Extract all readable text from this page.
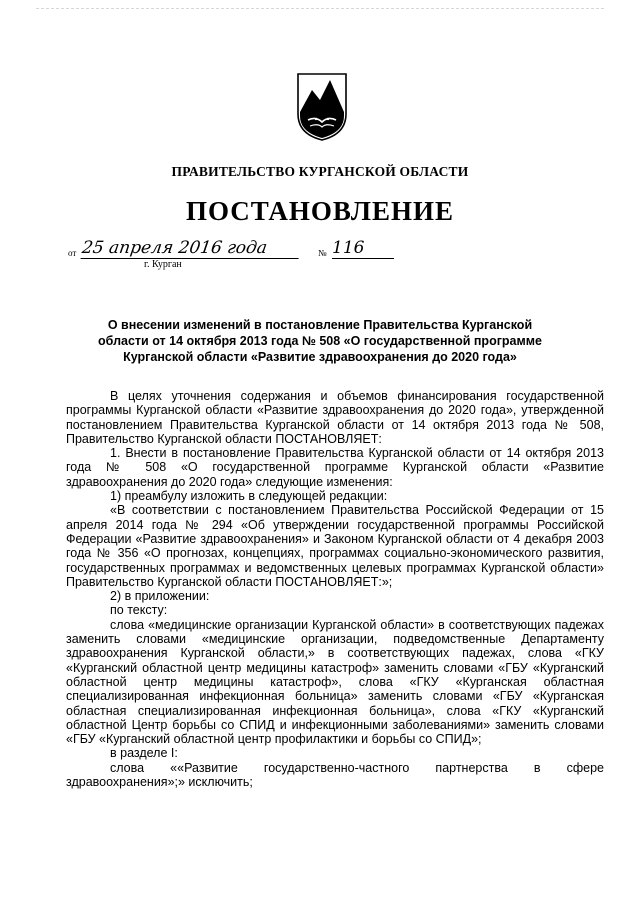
ПРАВИТЕЛЬСТВО КУРГАНСКОЙ ОБЛАСТИ
ПОСТАНОВЛЕНИЕ
от 25 апреля 2016 года	№ 116
г. Курган
О внесении изменений в постановление Правительства Курганской области от 14 октября 2013 года № 508 «О государственной программе Курганской области «Развитие здравоохранения до 2020 года»

В целях уточнения содержания и объемов финансирования государственной программы Курганской области «Развитие здравоохранения до 2020 года», утвержденной постановлением Правительства Курганской области от 14 октября 2013 года № 508, Правительство Курганской области ПОСТАНОВЛЯЕТ:

1. Внести в постановление Правительства Курганской области от 14 октября 2013 года № 508 «О государственной программе Курганской области «Развитие здравоохранения до 2020 года» следующие изменения:

1) преамбулу изложить в следующей редакции:

«В соответствии с постановлением Правительства Российской Федерации от 15 апреля 2014 года № 294 «Об утверждении государственной программы Российской Федерации «Развитие здравоохранения» и Законом Курганской области от 4 декабря 2003 года № 356 «О прогнозах, концепциях, программах социально-экономического развития, государственных программах и ведомственных целевых программах Курганской области» Правительство Курганской области ПОСТАНОВЛЯЕТ:»;

2) в приложении:

по тексту:

слова «медицинские организации Курганской области» в соответствующих падежах заменить словами «медицинские организации, подведомственные Департаменту здравоохранения Курганской области,» в соответствующих падежах, слова «ГКУ «Курганский областной центр медицины катастроф» заменить словами «ГБУ «Курганский областной центр медицины катастроф», слова «ГКУ «Курганская областная специализированная инфекционная больница» заменить словами «ГБУ «Курганская областная специализированная инфекционная больница», слова «ГКУ «Курганский областной Центр борьбы со СПИД и инфекционными заболеваниями» заменить словами «ГБУ «Курганский областной центр профилактики и борьбы со СПИД»;

в разделе I:

слова ««Развитие государственно-частного партнерства в сфере здравоохранения»;» исключить;
